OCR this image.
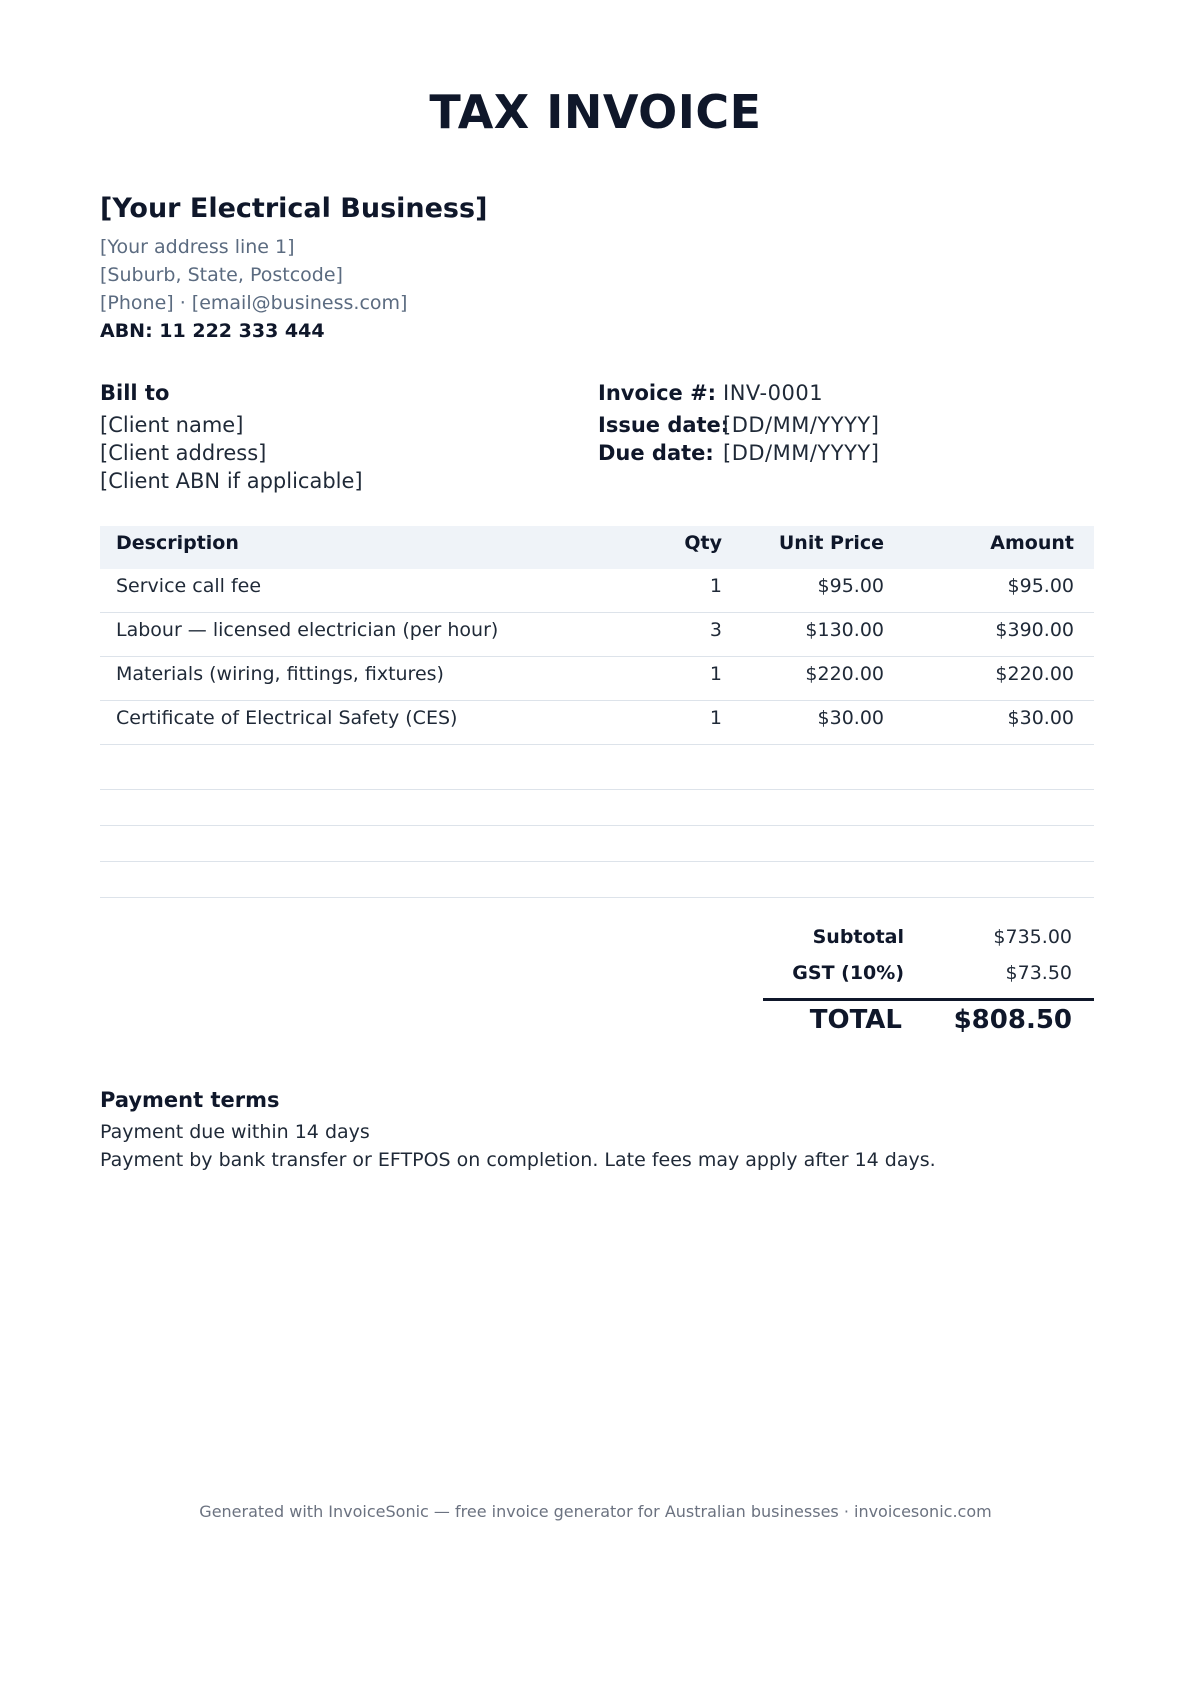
TAX INVOICE
[Your Electrical Business]
[Your address line 1]
[Suburb, State, Postcode]
[Phone] · [email@business.com]
ABN: 11 222 333 444
Bill to
[Client name]
[Client address]
[Client ABN if applicable]
Invoice #: INV-0001
Issue date:
[DD/MM/YYYY]
Due date: [DD/MM/YYYY]
Description	Qty	Unit Price	Amount
Service call fee	1	$95.00	$95.00
Labour — licensed electrician (per hour)	3	$130.00	$390.00
Materials (wiring, fittings, fixtures)	1	$220.00	$220.00
Certificate of Electrical Safety (CES)	1	$30.00	$30.00
Subtotal	$735.00
GST (10%)	$73.50
TOTAL $808.50
Payment terms
Payment due within 14 days
Payment by bank transfer or EFTPOS on completion. Late fees may apply after 14 days.
Generated with InvoiceSonic — free invoice generator for Australian businesses · invoicesonic.com
